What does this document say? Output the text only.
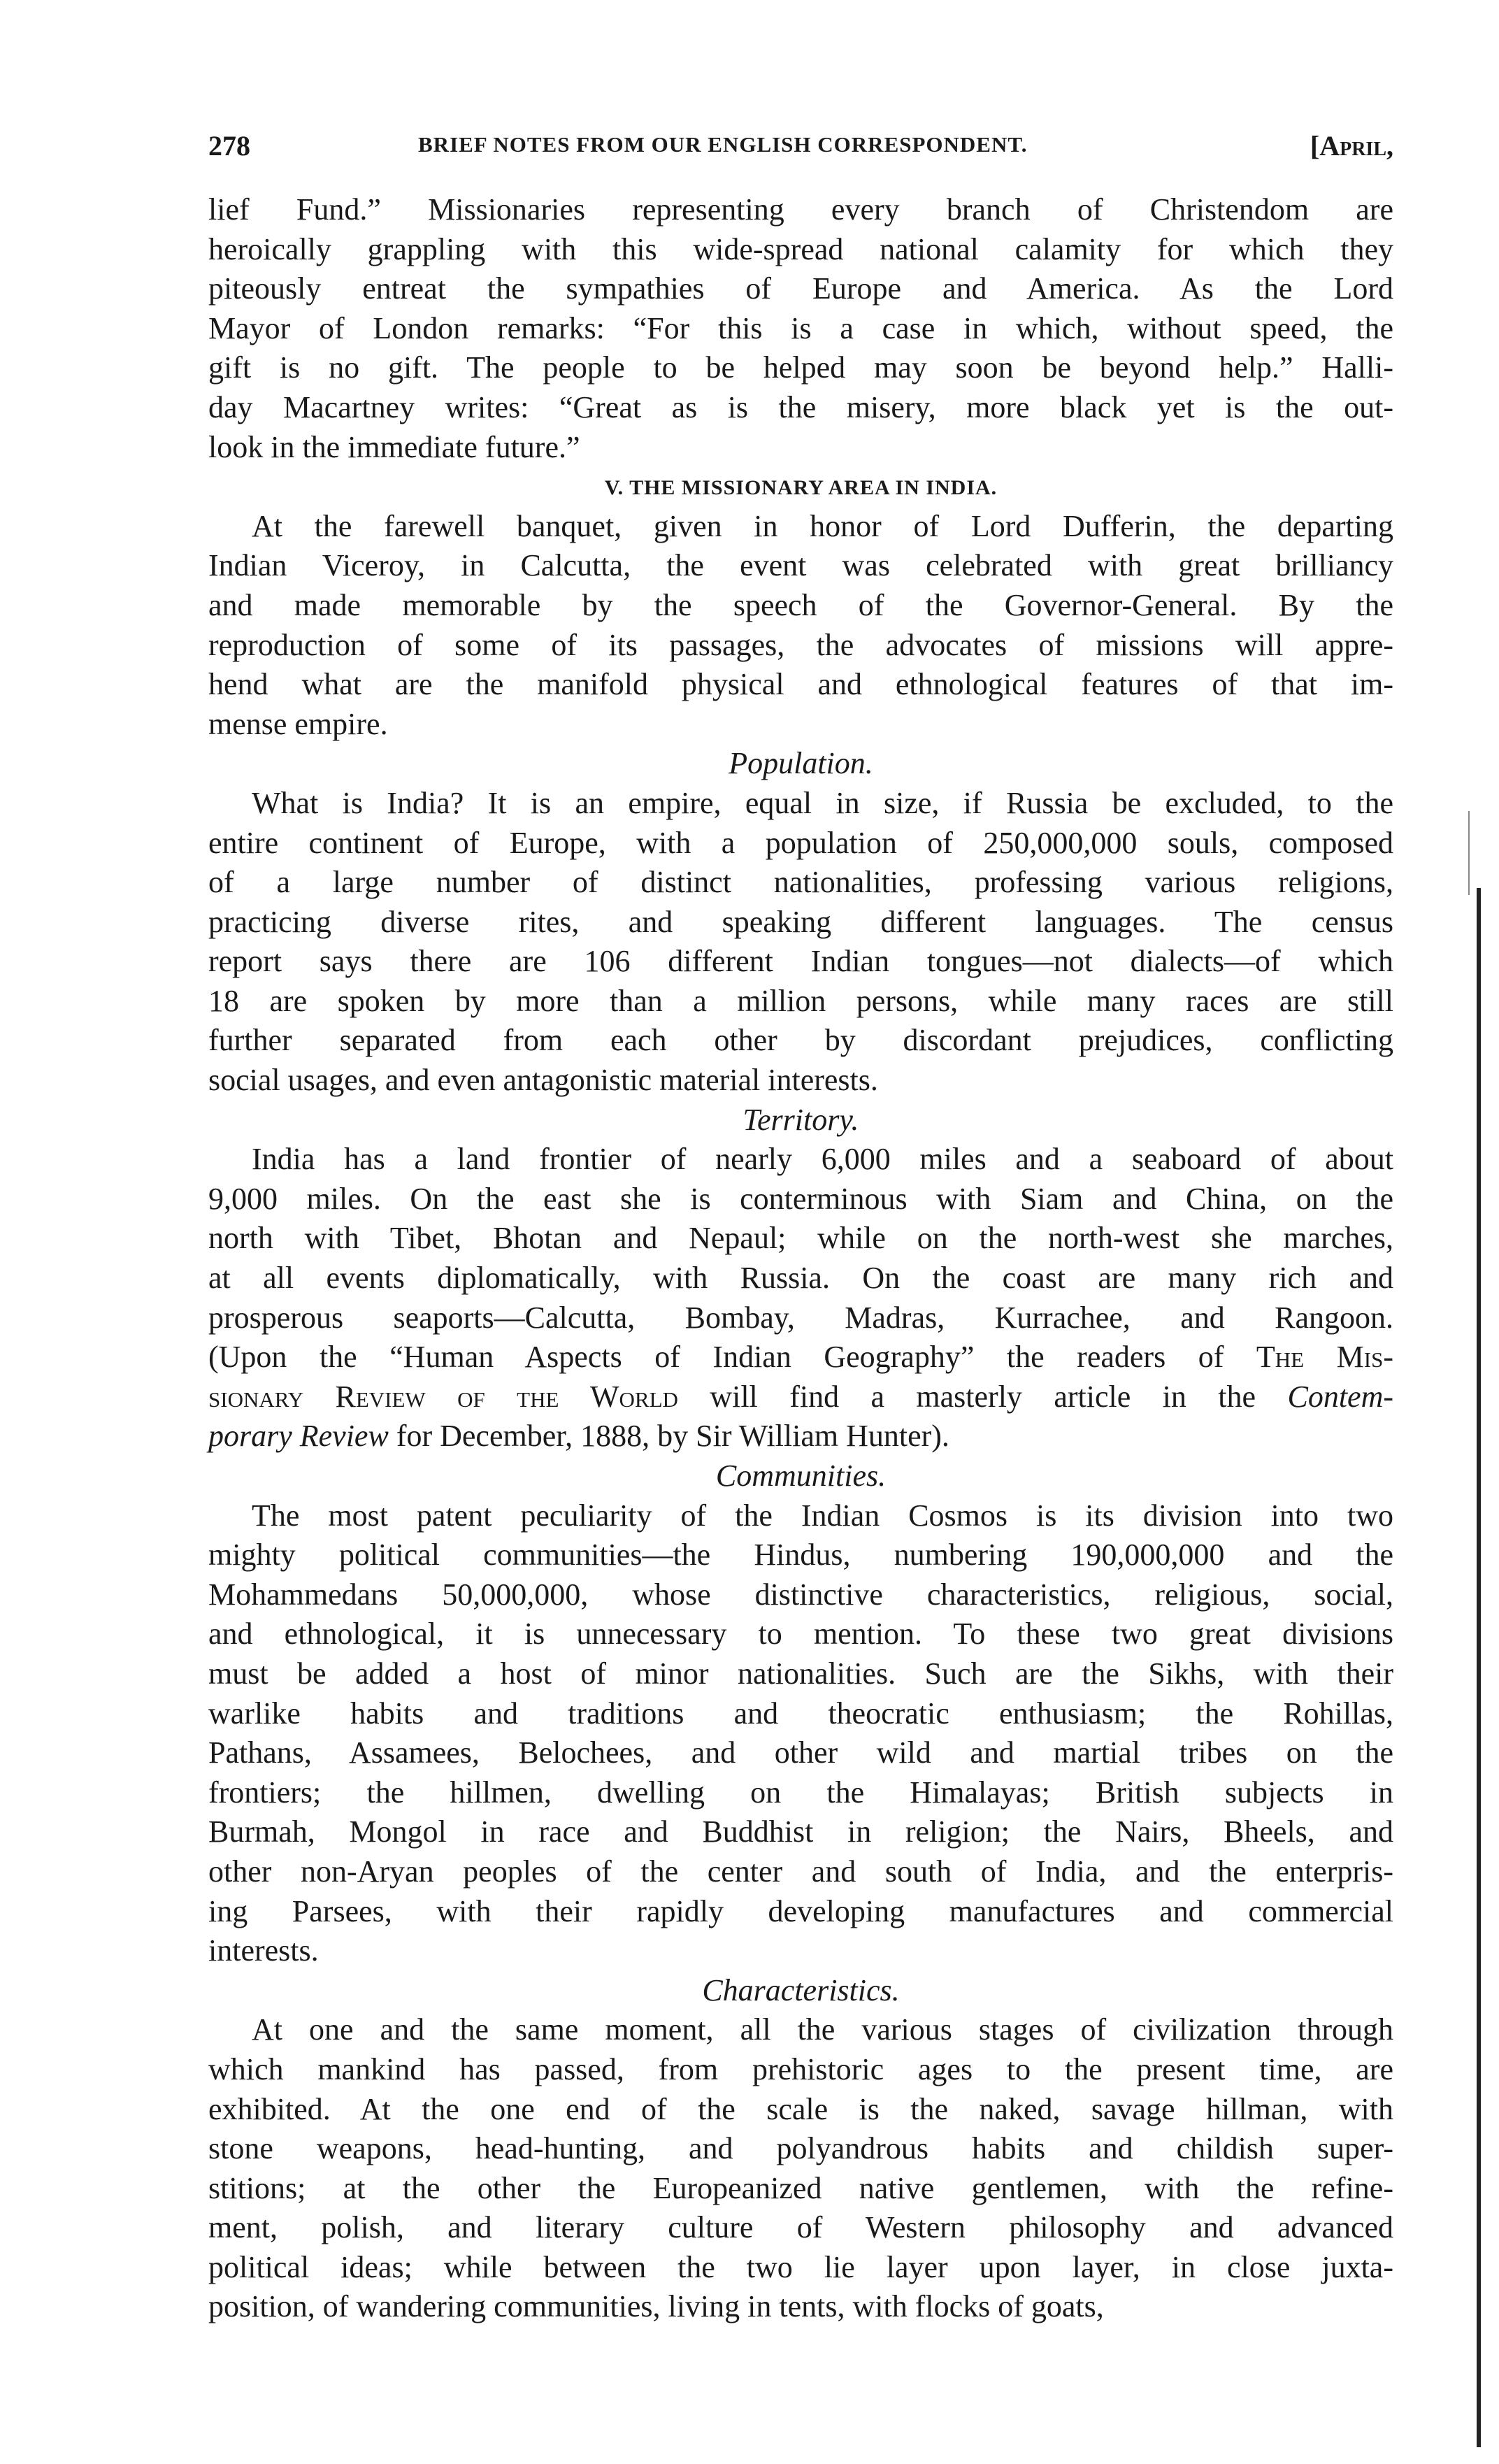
278	BRIEF NOTES FROM OUR ENGLISH CORRESPONDENT.	[April,
lief Fund.” Missionaries representing every branch of Christendom are
heroically grappling with this wide-spread national calamity for which they
piteously entreat the sympathies of Europe and America. As the Lord
Mayor of London remarks: “For this is a case in which, without speed, the
gift is no gift. The people to be helped may soon be beyond help.” Halli-
day Macartney writes: “Great as is the misery, more black yet is the out-
look in the immediate future.”
V. THE MISSIONARY AREA IN INDIA.
At the farewell banquet, given in honor of Lord Dufferin, the departing
Indian Viceroy, in Calcutta, the event was celebrated with great brilliancy
and made memorable by the speech of the Governor-General. By the
reproduction of some of its passages, the advocates of missions will appre-
hend what are the manifold physical and ethnological features of that im-
mense empire.
Population.
What is India? It is an empire, equal in size, if Russia be excluded, to the
entire continent of Europe, with a population of 250,000,000 souls, composed
of a large number of distinct nationalities, professing various religions,
practicing diverse rites, and speaking different languages. The census
report says there are 106 different Indian tongues—not dialects—of which
18 are spoken by more than a million persons, while many races are still
further separated from each other by discordant prejudices, conflicting
social usages, and even antagonistic material interests.
Territory.
India has a land frontier of nearly 6,000 miles and a seaboard of about
9,000 miles. On the east she is conterminous with Siam and China, on the
north with Tibet, Bhotan and Nepaul; while on the north-west she marches,
at all events diplomatically, with Russia. On the coast are many rich and
prosperous seaports—Calcutta, Bombay, Madras, Kurrachee, and Rangoon.
(Upon the “Human Aspects of Indian Geography” the readers of The Mis-
sionary Review of the World will find a masterly article in the Contem-
porary Review for December, 1888, by Sir William Hunter).
Communities.
The most patent peculiarity of the Indian Cosmos is its division into two
mighty political communities—the Hindus, numbering 190,000,000 and the
Mohammedans 50,000,000, whose distinctive characteristics, religious, social,
and ethnological, it is unnecessary to mention. To these two great divisions
must be added a host of minor nationalities. Such are the Sikhs, with their
warlike habits and traditions and theocratic enthusiasm; the Rohillas,
Pathans, Assamees, Belochees, and other wild and martial tribes on the
frontiers; the hillmen, dwelling on the Himalayas; British subjects in
Burmah, Mongol in race and Buddhist in religion; the Nairs, Bheels, and
other non-Aryan peoples of the center and south of India, and the enterpris-
ing Parsees, with their rapidly developing manufactures and commercial
interests.
Characteristics.
At one and the same moment, all the various stages of civilization through
which mankind has passed, from prehistoric ages to the present time, are
exhibited. At the one end of the scale is the naked, savage hillman, with
stone weapons, head-hunting, and polyandrous habits and childish super-
stitions; at the other the Europeanized native gentlemen, with the refine-
ment, polish, and literary culture of Western philosophy and advanced
political ideas; while between the two lie layer upon layer, in close juxta-
position, of wandering communities, living in tents, with flocks of goats,
